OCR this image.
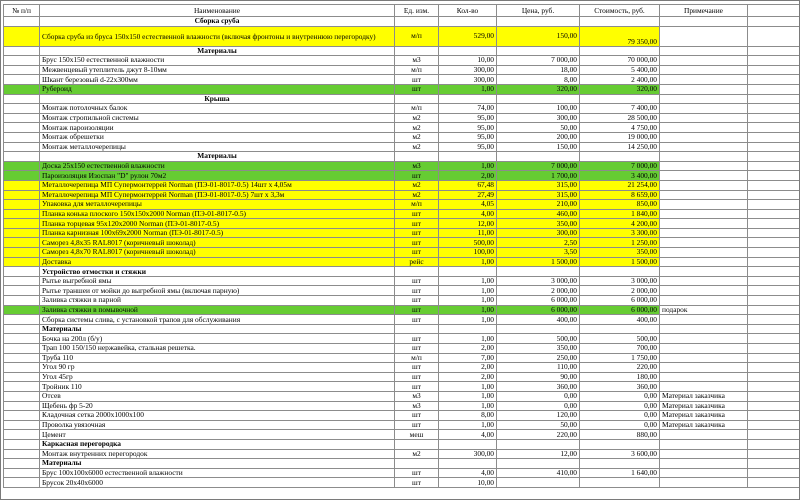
№ п/п	Наименование	Ед. изм.	Кол-во	Цена, руб.	Стоимость, руб.	Примечание	
	Сборка сруба						
	Сборка сруба из бруса 150х150 естественной влажности (включая фронтоны и внутреннюю перегородку)	м/п	529,00	150,00	79 350,00		
	Материалы						
	Брус 150х150 естественной влажности	м3	10,00	7 000,00	70 000,00		
	Межвенцевый утеплитель джут 8-10мм	м/п	300,00	18,00	5 400,00		
	Шкант березовый d-22х300мм	шт	300,00	8,00	2 400,00		
	Рубероид	шт	1,00	320,00	320,00		
	Крыша						
	Монтаж потолочных балок	м/п	74,00	100,00	7 400,00		
	Монтаж стропильной системы	м2	95,00	300,00	28 500,00		
	Монтаж пароизоляции	м2	95,00	50,00	4 750,00		
	Монтаж обрешетки	м2	95,00	200,00	19 000,00		
	Монтаж металлочерепицы	м2	95,00	150,00	14 250,00		
	Материалы						
	Доска 25х150 естественной влажности	м3	1,00	7 000,00	7 000,00		
	Пароизоляция Изоспан "D" рулон 70м2	шт	2,00	1 700,00	3 400,00		
	Металлочерепица МП Супермонтеррей Norman (ПЭ-01-8017-0.5) 14шт х 4,05м	м2	67,48	315,00	21 254,00		
	Металлочерепица МП Супермонтеррей Norman (ПЭ-01-8017-0.5) 7шт х 3,3м	м2	27,49	315,00	8 659,00		
	Упаковка для металлочерепицы	м/п	4,05	210,00	850,00		
	Планка конька плоского 150х150х2000 Norman (ПЭ-01-8017-0.5)	шт	4,00	460,00	1 840,00		
	Планка торцевая 95х120х2000 Norman (ПЭ-01-8017-0.5)	шт	12,00	350,00	4 200,00		
	Планка карнизная 100х69х2000 Norman (ПЭ-01-8017-0.5)	шт	11,00	300,00	3 300,00		
	Саморез 4,8х35 RAL8017 (коричневый шоколад)	шт	500,00	2,50	1 250,00		
	Саморез 4,8х70 RAL8017 (коричневый шоколад)	шт	100,00	3,50	350,00		
	Доставка	рейс	1,00	1 500,00	1 500,00		
	Устройство отмостки и стяжки						
	Рытье выгребной ямы	шт	1,00	3 000,00	3 000,00		
	Рытье траншеи от мойки до выгребной ямы (включая парную)	шт	1,00	2 000,00	2 000,00		
	Заливка стяжки в парной	шт	1,00	6 000,00	6 000,00		
	Заливка стяжки в помывочной	шт	1,00	6 000,00	6 000,00	подарок	
	Сборка системы слива, с установкой трапов для обслуживания	шт	1,00	400,00	400,00		
	Материалы						
	Бочка на 200л (б/у)	шт	1,00	500,00	500,00		
	Трап 100 150/150 нержавейка, стальная решетка.	шт	2,00	350,00	700,00		
	Труба 110	м/п	7,00	250,00	1 750,00		
	Угол 90 гр	шт	2,00	110,00	220,00		
	Угол 45гр	шт	2,00	90,00	180,00		
	Тройник 110	шт	1,00	360,00	360,00		
	Отсев	м3	1,00	0,00	0,00	Материал заказчика	
	Щебень фр 5-20	м3	1,00	0,00	0,00	Материал заказчика	
	Кладочная сетка 2000х1000х100	шт	8,00	120,00	0,00	Материал заказчика	
	Проволка увязочная	шт	1,00	50,00	0,00	Материал заказчика	
	Цемент	меш	4,00	220,00	880,00		
	Каркасная перегородка						
	Монтаж внутренних перегородок	м2	300,00	12,00	3 600,00		
	Материалы						
	Брус 100х100х6000 естественной влажности	шт	4,00	410,00	1 640,00		
	Брусок 20х40х6000	шт	10,00				
